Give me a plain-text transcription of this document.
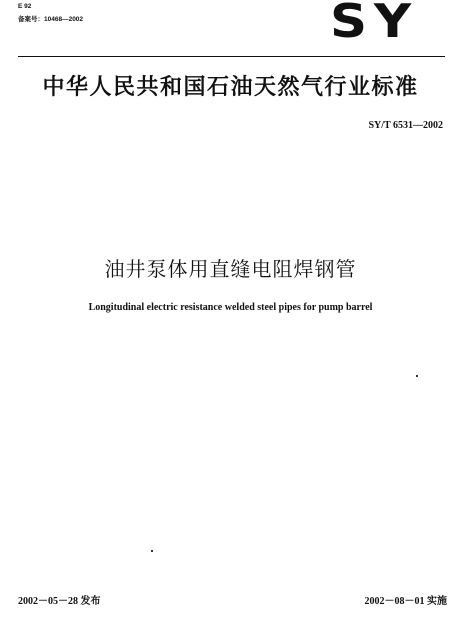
E 92
备案号：10468—2002	SY
中华人民共和国石油天然气行业标准
SY/T 6531—2002
油井泵体用直缝电阻焊钢管
Longitudinal electric resistance welded steel pipes for pump barrel
2002－05－28 发布	2002－08－01 实施
